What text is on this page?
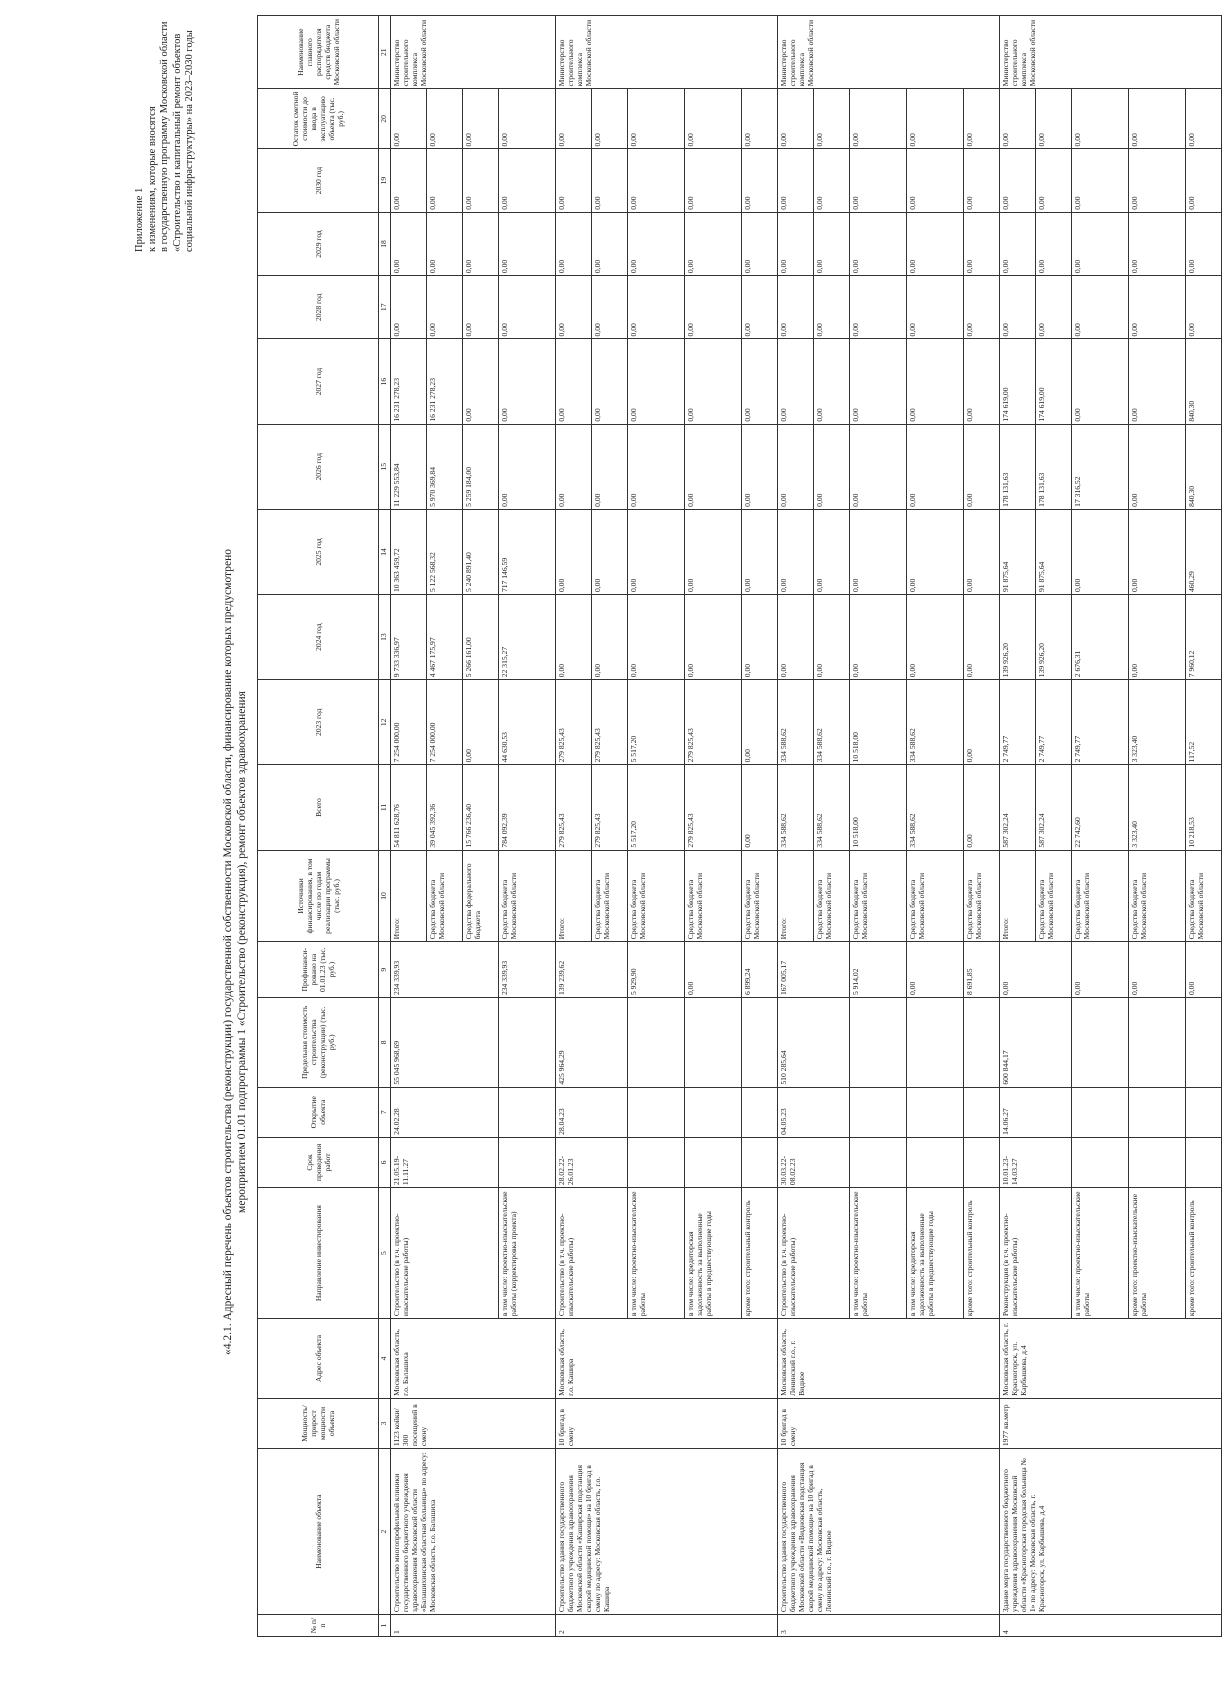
Приложение 1 к изменениям, которые вносятся в государственную программу Московской области «Строительство и капитальный ремонт объектов социальной инфраструктуры» на 2023–2030 годы
«4.2.1. Адресный перечень объектов строительства (реконструкции) государственной собственности Московской области, финансирование которых предусмотрено мероприятием 01.01 подпрограммы 1 «Строительство (реконструкция), ремонт объектов здравоохранения
№ п/п	Наименование объекта	Мощность/ прирост мощности объекта	Адрес объекта	Направление инвестирования	Срок проведения работ	Открытие объекта	Предельная стоимость строительства (реконструкции) (тыс. руб.)	Профинанси-ровано на 01.01.23 (тыс. руб.)	Источники финансирования, в том числе по годам реализации программы (тыс. руб.)	Всего	2023 год	2024 год	2025 год	2026 год	2027 год	2028 год	2029 год	2030 год	Остаток сметной стоимости до ввода в эксплуатацию объекта (тыс. руб.)	Наименование главного распорядителя средств бюджета Московской области
1	2	3	4	5	6	7	8	9	10	11	12	13	14	15	16	17	18	19	20	21
1	Строительство многопрофильной клиники государственного бюджетного учреждения здравоохранения Московской области «Балашихинская областная больница» по адресу: Московская область, г.о. Балашиха	1123 койки/ 300 посещений в смену	Московская область, г.о. Балашиха	Строительство (в т.ч. проектно-изыскательские работы)	21.05.19- 11.11.27	24.02.28	55 045 968,69	234 339,93	Итого:	54 811 628,76	7 254 000,00	9 733 336,97	10 363 459,72	11 229 553,84	16 231 278,23	0,00	0,00	0,00	0,00	Министерство строительного комплекса Московской области
									Средства бюджета Московской области	39 045 392,36	7 254 000,00	4 467 175,97	5 122 568,32	5 970 369,84	16 231 278,23	0,00	0,00	0,00	0,00	
									Средства федерального бюджета	15 766 236,40	0,00	5 266 161,00	5 240 891,40	5 259 184,00	0,00	0,00	0,00	0,00	0,00	
				в том числе: проектно-изыскательские работы (корректировка проекта)				234 339,93	Средства бюджета Московской области	784 092,39	44 630,53	22 315,27	717 146,59	0,00	0,00	0,00	0,00	0,00	0,00	
2	Строительство здания государственного бюджетного учреждения здравоохранения Московской области «Каширская подстанция скорой медицинской помощи» на 10 бригад в смену по адресу: Московская область, г.о. Кашира	10 бригад в смену	Московская область, г.о. Кашира	Строительство (в т.ч. проектно-изыскательские работы)	28.02.22- 26.01.23	28.04.23	425 964,29	139 239,62	Итого:	279 825,43	279 825,43	0,00	0,00	0,00	0,00	0,00	0,00	0,00	0,00	Министерство строительного комплекса Московской области
									Средства бюджета Московской области	279 825,43	279 825,43	0,00	0,00	0,00	0,00	0,00	0,00	0,00	0,00	
				в том числе: проектно-изыскательские работы				5 929,90	Средства бюджета Московской области	5 517,20	5 517,20	0,00	0,00	0,00	0,00	0,00	0,00	0,00	0,00	
				в том числе: кредиторская задолженность за выполненные работы в предшествующие годы				0,00	Средства бюджета Московской области	279 825,43	279 825,43	0,00	0,00	0,00	0,00	0,00	0,00	0,00	0,00	
				кроме того: строительный контроль				6 899,24	Средства бюджета Московской области	0,00	0,00	0,00	0,00	0,00	0,00	0,00	0,00	0,00	0,00	
3	Строительство здания государственного бюджетного учреждения здравоохранения Московской области «Видновская подстанция скорой медицинской помощи» на 10 бригад в смену по адресу: Московская область, Ленинский г.о., г. Видное	10 бригад в смену	Московская область, Ленинский г.о., г. Видное	Строительство (в т.ч. проектно-изыскательские работы)	30.03.22- 08.02.23	04.05.23	510 285,64	167 005,17	Итого:	334 588,62	334 588,62	0,00	0,00	0,00	0,00	0,00	0,00	0,00	0,00	Министерство строительного комплекса Московской области
									Средства бюджета Московской области	334 588,62	334 588,62	0,00	0,00	0,00	0,00	0,00	0,00	0,00	0,00	
				в том числе: проектно-изыскательские работы				5 914,02	Средства бюджета Московской области	10 518,00	10 518,00	0,00	0,00	0,00	0,00	0,00	0,00	0,00	0,00	
				в том числе: кредиторская задолженность за выполненные работы в предшествующие годы				0,00	Средства бюджета Московской области	334 588,62	334 588,62	0,00	0,00	0,00	0,00	0,00	0,00	0,00	0,00	
				кроме того: строительный контроль				8 691,85	Средства бюджета Московской области	0,00	0,00	0,00	0,00	0,00	0,00	0,00	0,00	0,00	0,00	
4	Здание морга государственного бюджетного учреждения здравоохранения Московской области «Красногорская городская больница № 1» по адресу: Московская область, г. Красногорск, ул. Карбышева, д.4	1977 кв.метр	Московская область, г. Красногорск, ул. Карбышева, д.4	Реконструкция (в т.ч. проектно-изыскательские работы)	10.01.23- 14.03.27	14.06.27	600 844,17	0,00	Итого:	587 302,24	2 749,77	139 926,20	91 875,64	178 131,63	174 619,00	0,00	0,00	0,00	0,00	Министерство строительного комплекса Московской области
									Средства бюджета Московской области	587 302,24	2 749,77	139 926,20	91 875,64	178 131,63	174 619,00	0,00	0,00	0,00	0,00	
				в том числе: проектно-изыскательские работы				0,00	Средства бюджета Московской области	22 742,60	2 749,77	2 676,31	0,00	17 316,52	0,00	0,00	0,00	0,00	0,00	
				кроме того: проектно-изыскательские работы				0,00	Средства бюджета Московской области	3 323,40	3 323,40	0,00	0,00	0,00	0,00	0,00	0,00	0,00	0,00	
				кроме того: строительный контроль				0,00	Средства бюджета Московской области	10 218,53	117,52	7 960,12	460,29	840,30	840,30	0,00	0,00	0,00	0,00	
